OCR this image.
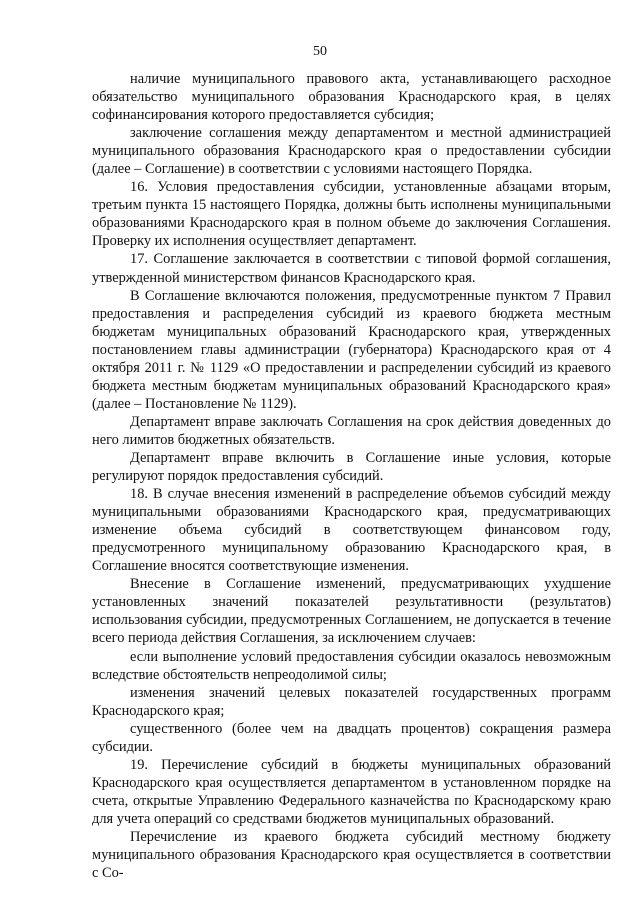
50

наличие муниципального правового акта, устанавливающего расходное обязательство муниципального образования Краснодарского края, в целях софинансирования которого предоставляется субсидия;

заключение соглашения между департаментом и местной администрацией муниципального образования Краснодарского края о предоставлении субсидии (далее – Соглашение) в соответствии с условиями настоящего Порядка.

16. Условия предоставления субсидии, установленные абзацами вторым, третьим пункта 15 настоящего Порядка, должны быть исполнены муниципальными образованиями Краснодарского края в полном объеме до заключения Соглашения. Проверку их исполнения осуществляет департамент.

17. Соглашение заключается в соответствии с типовой формой соглашения, утвержденной министерством финансов Краснодарского края.

В Соглашение включаются положения, предусмотренные пунктом 7 Правил предоставления и распределения субсидий из краевого бюджета местным бюджетам муниципальных образований Краснодарского края, утвержденных постановлением главы администрации (губернатора) Краснодарского края от 4 октября 2011 г. № 1129 «О предоставлении и распределении субсидий из краевого бюджета местным бюджетам муниципальных образований Краснодарского края» (далее – Постановление № 1129).

Департамент вправе заключать Соглашения на срок действия доведенных до него лимитов бюджетных обязательств.

Департамент вправе включить в Соглашение иные условия, которые регулируют порядок предоставления субсидий.

18. В случае внесения изменений в распределение объемов субсидий между муниципальными образованиями Краснодарского края, предусматривающих изменение объема субсидий в соответствующем финансовом году, предусмотренного муниципальному образованию Краснодарского края, в Соглашение вносятся соответствующие изменения.

Внесение в Соглашение изменений, предусматривающих ухудшение установленных значений показателей результативности (результатов) использования субсидии, предусмотренных Соглашением, не допускается в течение всего периода действия Соглашения, за исключением случаев:

если выполнение условий предоставления субсидии оказалось невозможным вследствие обстоятельств непреодолимой силы;

изменения значений целевых показателей государственных программ Краснодарского края;

существенного (более чем на двадцать процентов) сокращения размера субсидии.

19. Перечисление субсидий в бюджеты муниципальных образований Краснодарского края осуществляется департаментом в установленном порядке на счета, открытые Управлению Федерального казначейства по Краснодарскому краю для учета операций со средствами бюджетов муниципальных образований.

Перечисление из краевого бюджета субсидий местному бюджету муниципального образования Краснодарского края осуществляется в соответствии с Со-
